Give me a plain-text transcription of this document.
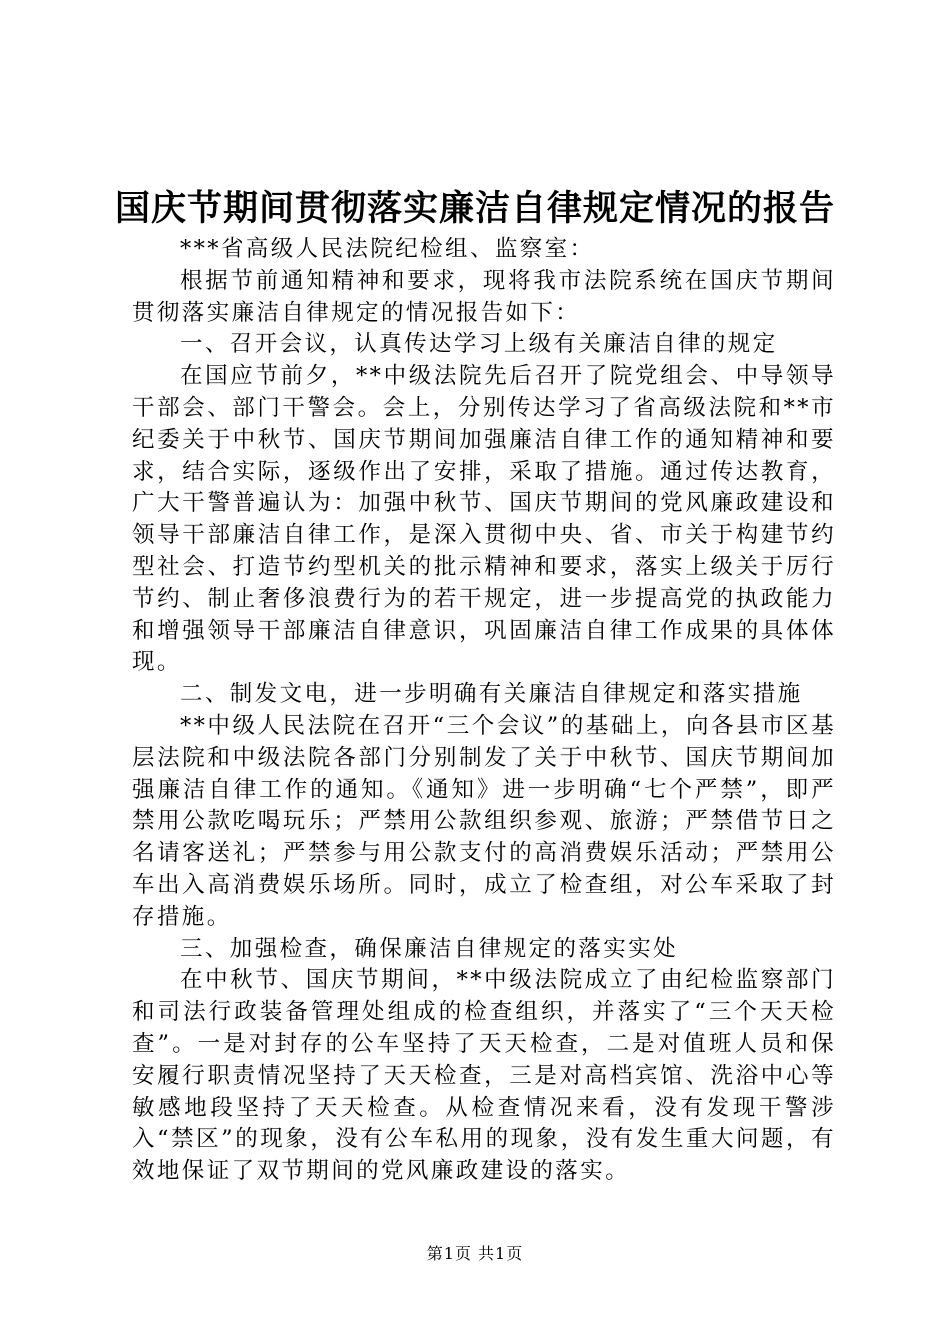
国庆节期间贯彻落实廉洁自律规定情况的报告

***省高级人民法院纪检组、监察室：

根据节前通知精神和要求，现将我市法院系统在国庆节期间贯彻落实廉洁自律规定的情况报告如下：

一、召开会议，认真传达学习上级有关廉洁自律的规定

在国应节前夕，**中级法院先后召开了院党组会、中导领导干部会、部门干警会。会上，分别传达学习了省高级法院和**市纪委关于中秋节、国庆节期间加强廉洁自律工作的通知精神和要求，结合实际，逐级作出了安排，采取了措施。通过传达教育，广大干警普遍认为：加强中秋节、国庆节期间的党风廉政建设和领导干部廉洁自律工作，是深入贯彻中央、省、市关于构建节约型社会、打造节约型机关的批示精神和要求，落实上级关于厉行节约、制止奢侈浪费行为的若干规定，进一步提高党的执政能力和增强领导干部廉洁自律意识，巩固廉洁自律工作成果的具体体现。

二、制发文电，进一步明确有关廉洁自律规定和落实措施

**中级人民法院在召开“三个会议”的基础上，向各县市区基层法院和中级法院各部门分别制发了关于中秋节、国庆节期间加强廉洁自律工作的通知。《通知》进一步明确“七个严禁”，即严禁用公款吃喝玩乐；严禁用公款组织参观、旅游；严禁借节日之名请客送礼；严禁参与用公款支付的高消费娱乐活动；严禁用公车出入高消费娱乐场所。同时，成立了检查组，对公车采取了封存措施。

三、加强检查，确保廉洁自律规定的落实实处

在中秋节、国庆节期间，**中级法院成立了由纪检监察部门和司法行政装备管理处组成的检查组织，并落实了“三个天天检查”。一是对封存的公车坚持了天天检查，二是对值班人员和保安履行职责情况坚持了天天检查，三是对高档宾馆、洗浴中心等敏感地段坚持了天天检查。从检查情况来看，没有发现干警涉入“禁区”的现象，没有公车私用的现象，没有发生重大问题，有效地保证了双节期间的党风廉政建设的落实。

第1页 共1页
